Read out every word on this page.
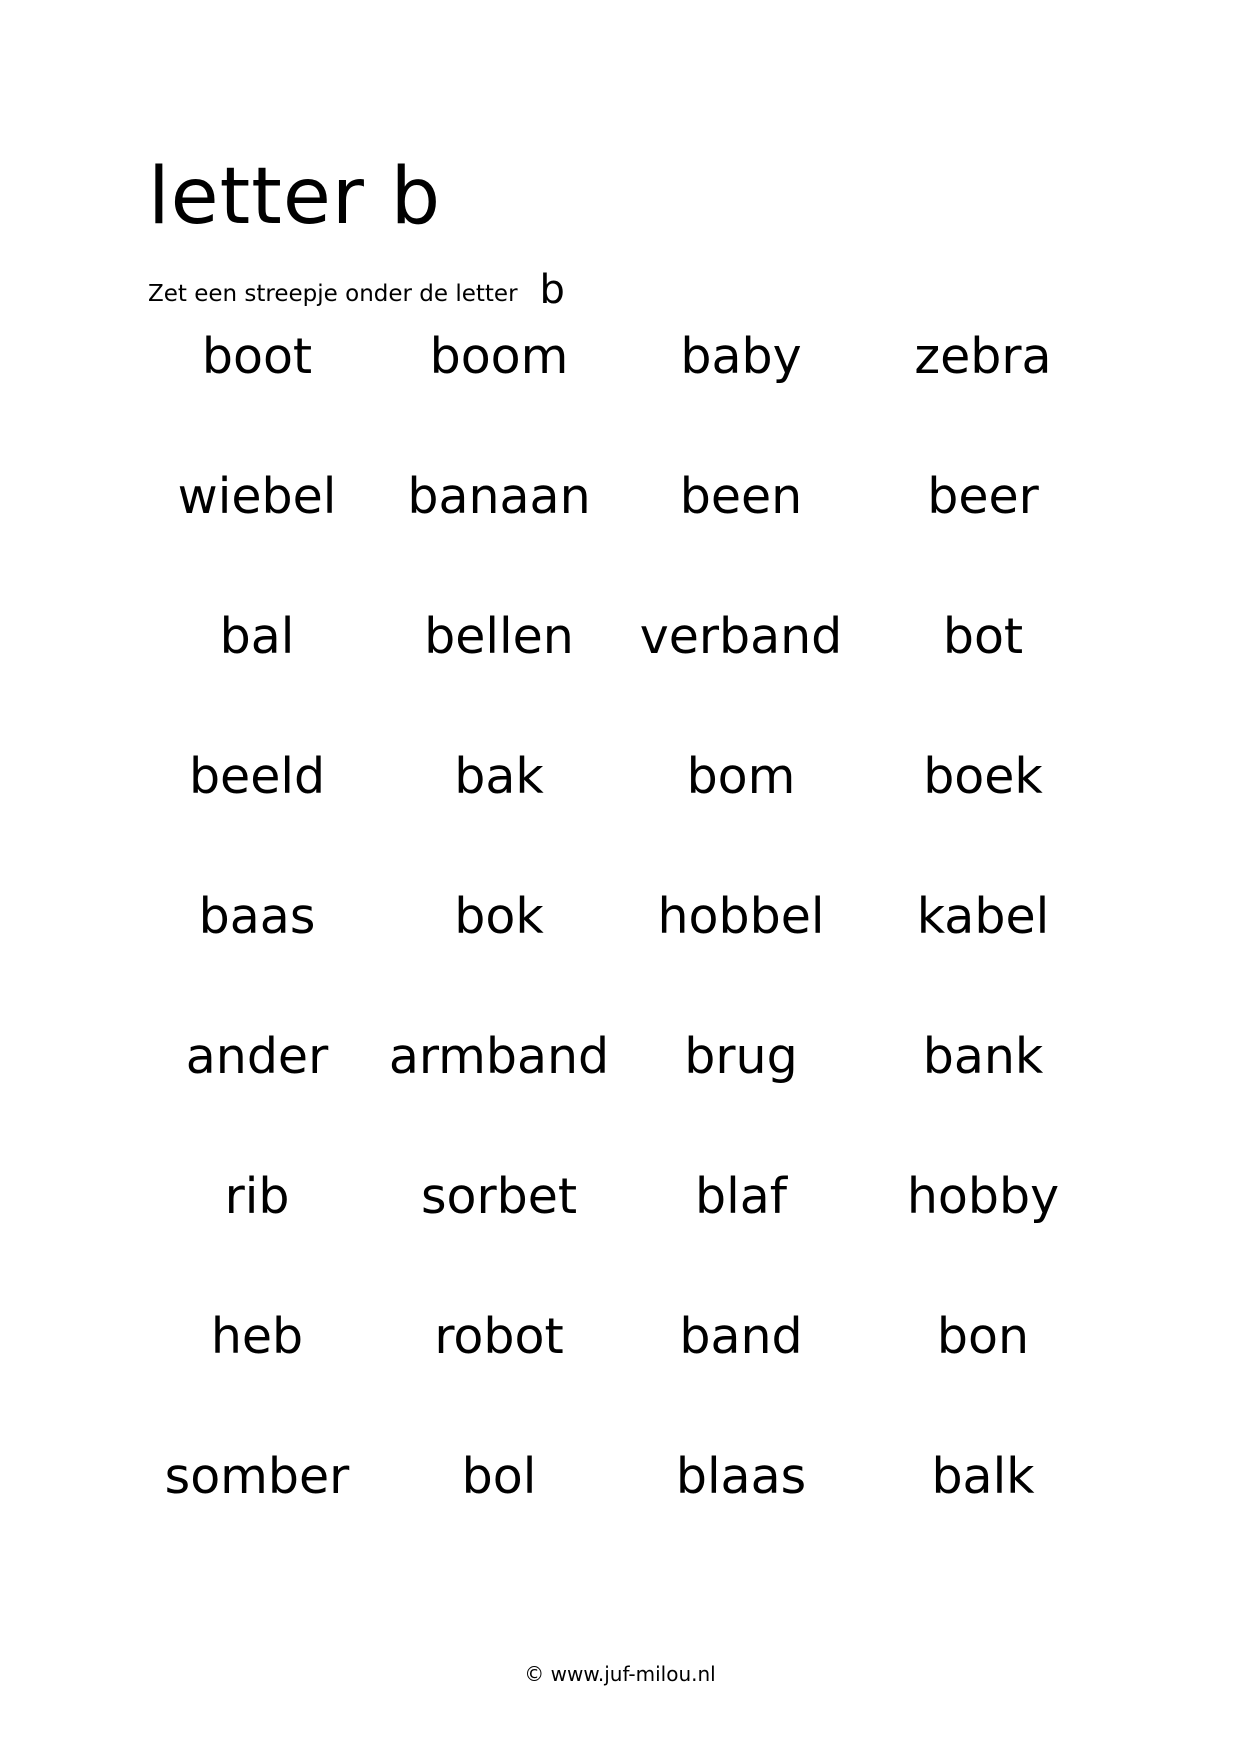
letter b
Zet een streepje onder de letter b
boot	boom	baby	zebra
wiebel	banaan	been	beer
bal	bellen	verband	bot
beeld	bak	bom	boek
baas	bok	hobbel	kabel
ander	armband	brug	bank
rib	sorbet	blaf	hobby
heb	robot	band	bon
somber	bol	blaas	balk
© www.juf-milou.nl
